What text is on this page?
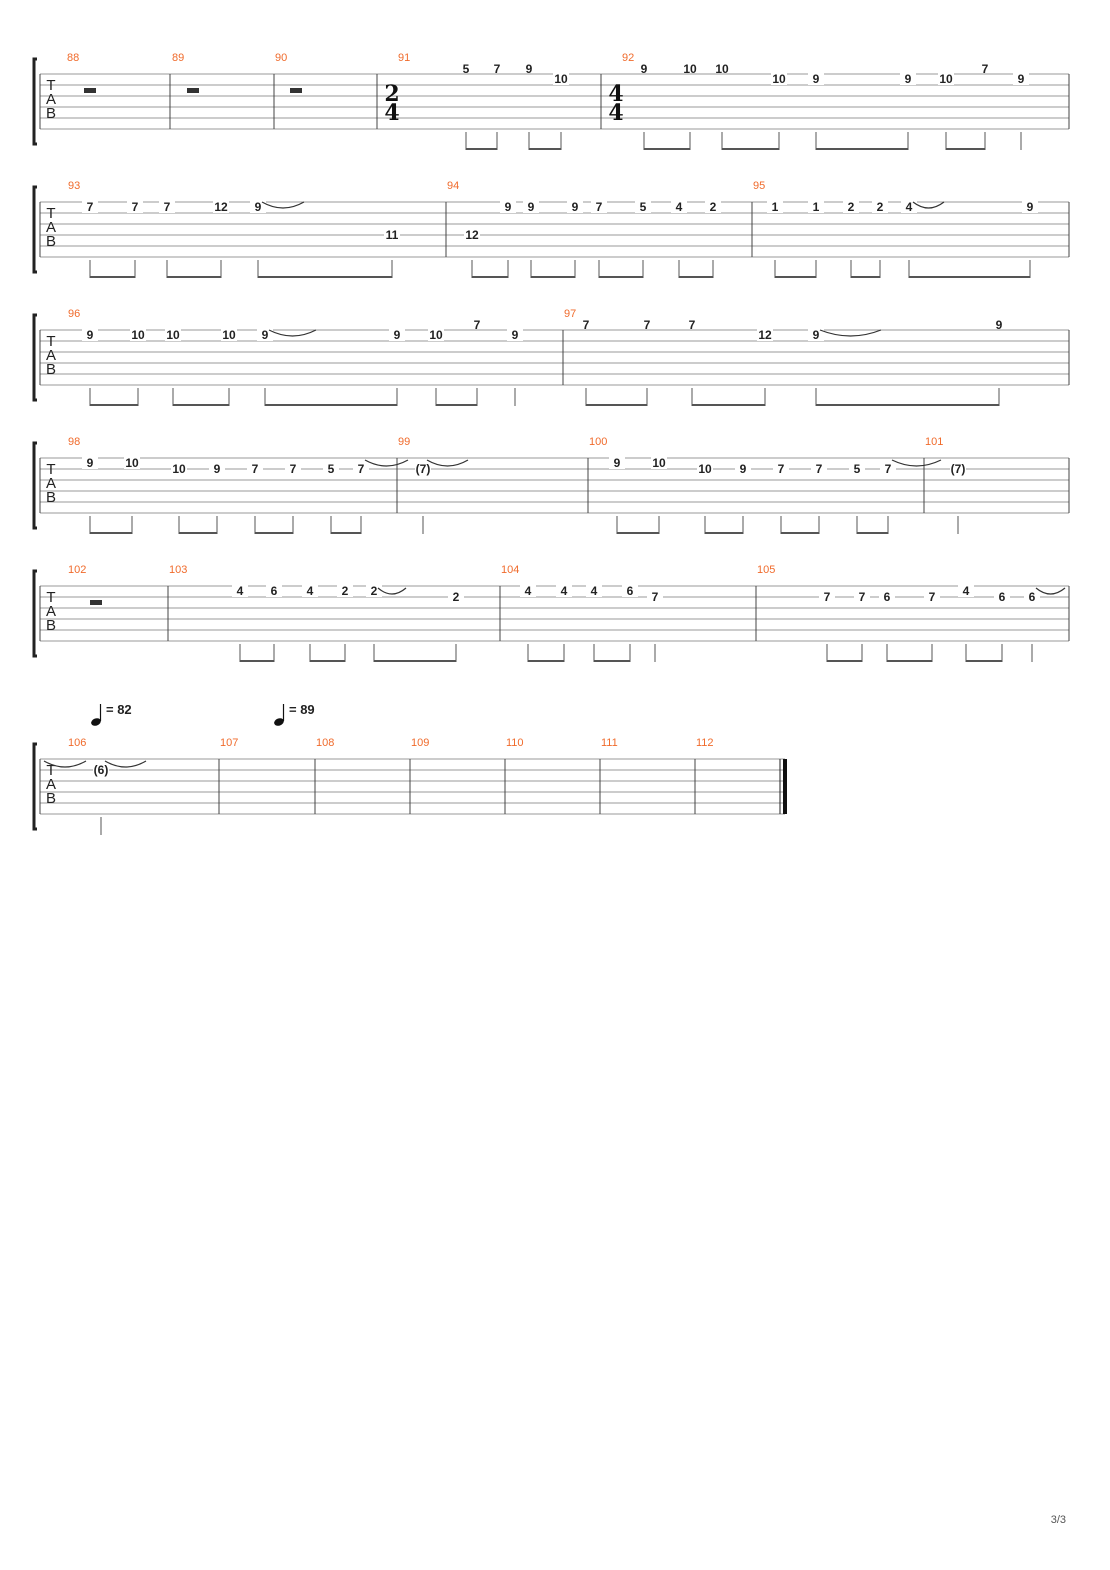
T
A
B
88	89	90	91
5 7 9
10
92
9	10 10
10 9	9 10
7
9
T
A
B
93
7	7 7	12 9
11
94
12
9 9	9 7	5 4 2
95
1	1 2 2 4	9
T
A
B
96
9	10 10	10 9	9 10
7
9
97
7	7	7
12	9
9
T
A
B
98
9	10	10 9	7	7	5 7
99
(7)
100
9	10	10 9	7	7	5 7
101
(7)
T
A
B
102	103
4 6 4 2 2	2
104
4 4 4 6 7
105
7 7 6	7 4 6 6
T
A
B
106
(6)
107	108	109	110	111	112
2
4
4
4
= 82	= 89
3/3
